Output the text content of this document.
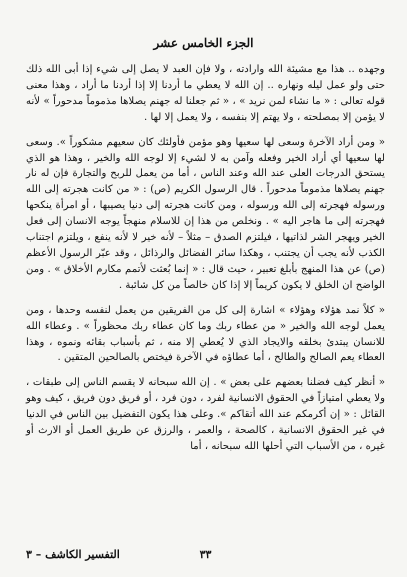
الجزء الخامس عشر

وجهده .. هذا مع مشيئة الله وارادته ، ولا فإن العبد لا يصل إلى شيء إذا أبى الله ذلك حتى ولو عمل ليله ونهاره .. إن الله لا يعطي ما أردنا إلا إذا أردنا ما أراد ، وهذا معنى قوله تعالى : « ما نشاء لمن نريد » ، « ثم جعلنا له جهنم يصلاها مذموماً مدحوراً » لأنه لا يؤمن إلا بمصلحته ، ولا يهتم إلا بنفسه ، ولا يعمل إلا لها .

« ومن أراد الآخرة وسعى لها سعيها وهو مؤمن فأولئك كان سعيهم مشكوراً ». وسعى لها سعيها أي أراد الخير وفعله وآمن به لا لشيء إلا لوجه الله والخير ، وهذا هو الذي يستحق الدرجات العلى عند الله وعند الناس ، أما من يعمل للربح والتجارة فإن له نار جهنم يصلاها مذموماً مدحوراً . قال الرسول الكريم (ص) : « من كانت هجرته إلى الله ورسوله فهجرته إلى الله ورسوله ، ومن كانت هجرته إلى دنيا يصيبها ، أو امرأة ينكحها فهجرته إلى ما هاجر اليه » . ونخلص من هذا إن للاسلام منهجاً يوجه الانسان إلى فعل الخير ويهجر الشر لذاتيها ، فيلتزم الصدق – مثلاً – لأنه خير لا لأنه ينفع ، ويلتزم اجتناب الكذب لأنه يجب أن يجتنب ، وهكذا سائر الفضائل والرذائل ، وقد عبّر الرسول الأعظم (ص) عن هذا المنهج بأبلغ تعبير ، حيث قال : « إنما بُعثت لأتمم مكارم الأخلاق » . ومن الواضح ان الخلق لا يكون كريماً إلا إذا كان خالصاً من كل شائبة .

« كلاً نمد هؤلاء وهؤلاء » اشارة إلى كل من الفريقين من يعمل لنفسه وحدها ، ومن يعمل لوجه الله والخير « من عطاء ربك وما كان عطاء ربك محظوراً » . وعطاء الله للانسان يبتدئ بخلقه والايجاد الذي لا يُعطي إلا منه ، ثم بأسباب بقائه ونموه ، وهذا العطاء يعم الصالح والطالح ، أما عطاؤه في الآخرة فيختص بالصالحين المتقين .

« أنظر كيف فضلنا بعضهم على بعض » . إن الله سبحانه لا يقسم الناس إلى طبقات ، ولا يعطي امتيازاً في الحقوق الانسانية لفرد ، دون فرد ، أو فريق دون فريق ، كيف وهو القائل : « إن أكرمكم عند الله أتقاكم ». وعلى هذا يكون التفضيل بين الناس في الدنيا في غير الحقوق الانسانية ، كالصحة ، والعمر ، والرزق عن طريق العمل أو الارث أو غيره ، من الأسباب التي أحلها الله سبحانه ، أما

٣٣
التفسير الكاشف – ٣
